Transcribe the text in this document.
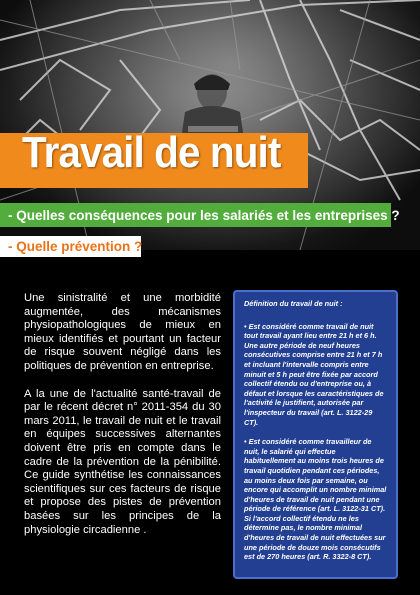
Travail de nuit
- Quelles conséquences pour les salariés et les entreprises ?
- Quelle prévention ?

Une sinistralité et une morbidité augmentée, des mécanismes physiopathologiques de mieux en mieux identifiés et pourtant un facteur de risque souvent négligé dans les politiques de prévention en entreprise.

A la une de l'actualité santé-travail de par le récent décret n° 2011-354 du 30 mars 2011, le travail de nuit et le travail en équipes successives alternantes doivent être pris en compte dans le cadre de la prévention de la pénibilité. Ce guide synthétise les connaissances scientifiques sur ces facteurs de risque et propose des pistes de prévention basées sur les principes de la physiologie circadienne .

Définition du travail de nuit :

• Est considéré comme travail de nuit tout travail ayant lieu entre 21 h et 6 h. Une autre période de neuf heures consécutives comprise entre 21 h et 7 h et incluant l'intervalle compris entre minuit et 5 h peut être fixée par accord collectif étendu ou d'entreprise ou, à défaut et lorsque les caractéristiques de l'activité le justifient, autorisée par l'inspecteur du travail (art. L. 3122-29 CT).

• Est considéré comme travailleur de nuit, le salarié qui effectue habituellement au moins trois heures de travail quotidien pendant ces périodes, au moins deux fois par semaine, ou encore qui accomplit un nombre minimal d'heures de travail de nuit pendant une période de référence (art. L. 3122-31 CT). Si l'accord collectif étendu ne les détermine pas, le nombre minimal d'heures de travail de nuit effectuées sur une période de douze mois consécutifs est de 270 heures (art. R. 3322-8 CT).
